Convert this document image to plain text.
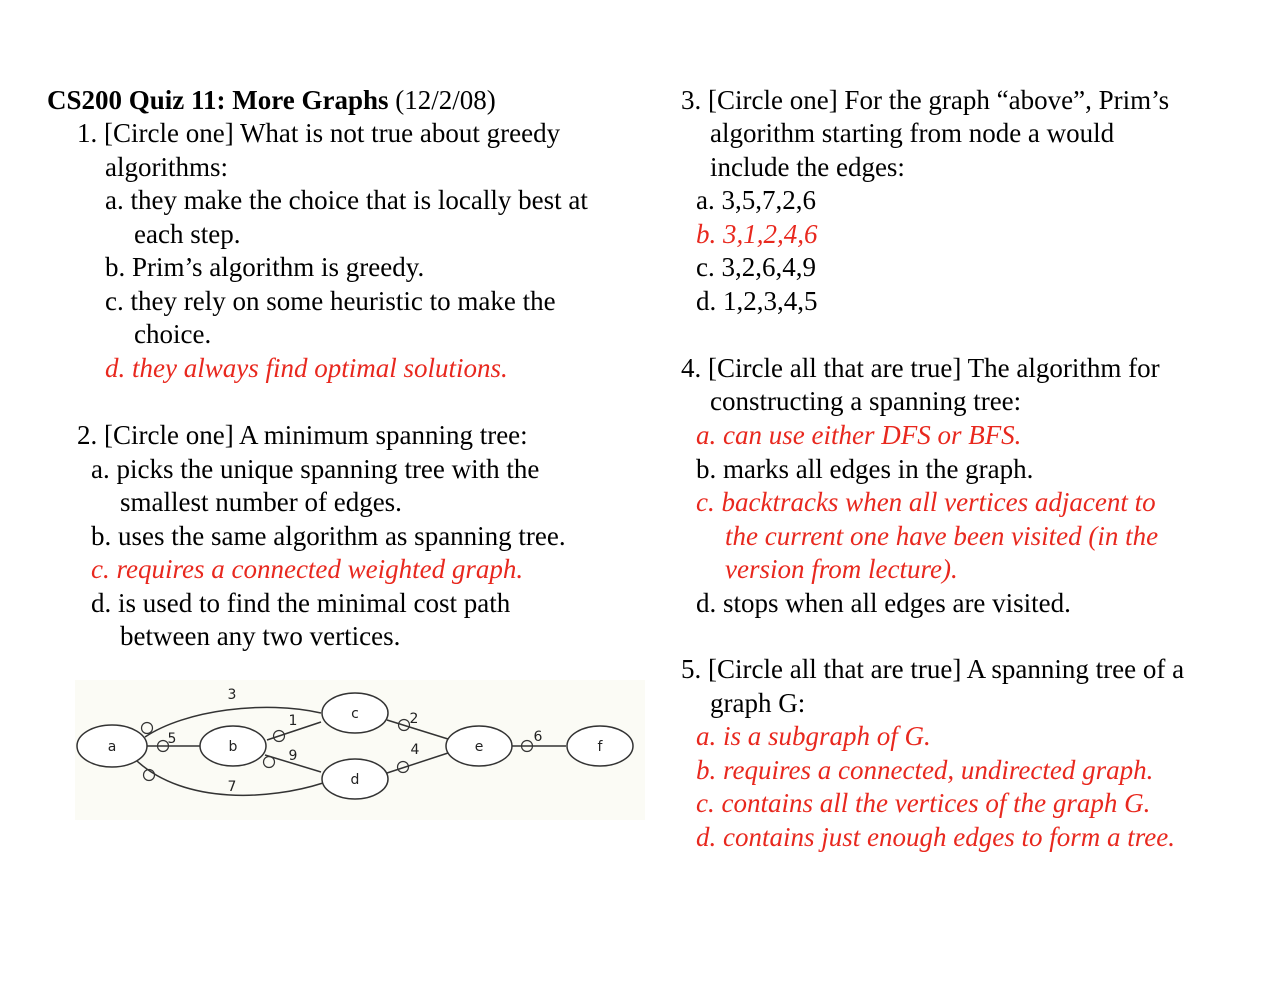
CS200 Quiz 11: More Graphs (12/2/08)
1. [Circle one] What is not true about greedy
algorithms:
a. they make the choice that is locally best at
each step.
b. Prim’s algorithm is greedy.
c. they rely on some heuristic to make the
choice.
d. they always find optimal solutions.
2. [Circle one] A minimum spanning tree:
a. picks the unique spanning tree with the
smallest number of edges.
b. uses the same algorithm as spanning tree.
c. requires a connected weighted graph.
d. is used to find the minimal cost path
between any two vertices.
a	b
c
d
e	f
3
5
7
1
9
2
4
6
3. [Circle one] For the graph “above”, Prim’s
algorithm starting from node a would
include the edges:
a. 3,5,7,2,6
b. 3,1,2,4,6
c. 3,2,6,4,9
d. 1,2,3,4,5
4. [Circle all that are true] The algorithm for
constructing a spanning tree:
a. can use either DFS or BFS.
b. marks all edges in the graph.
c. backtracks when all vertices adjacent to
the current one have been visited (in the
version from lecture).
d. stops when all edges are visited.
5. [Circle all that are true] A spanning tree of a
graph G:
a. is a subgraph of G.
b. requires a connected, undirected graph.
c. contains all the vertices of the graph G.
d. contains just enough edges to form a tree.
